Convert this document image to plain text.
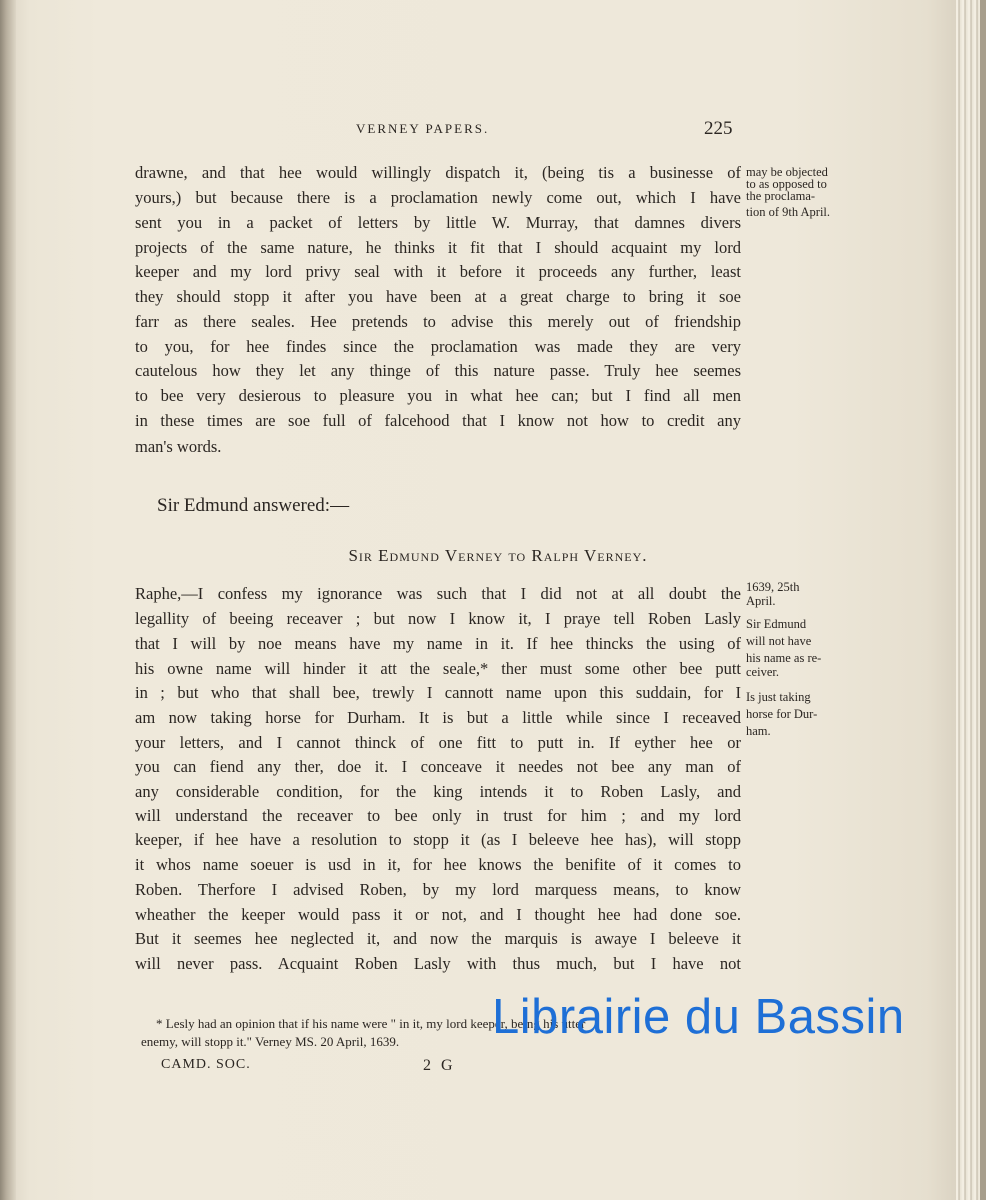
VERNEY PAPERS.	225
drawne, and that hee would willingly dispatch it, (being tis a businesse of
yours,) but because there is a proclamation newly come out, which I have
sent you in a packet of letters by little W. Murray, that damnes divers
projects of the same nature, he thinks it fit that I should acquaint my lord
keeper and my lord privy seal with it before it proceeds any further, least
they should stopp it after you have been at a great charge to bring it soe
farr as there seales. Hee pretends to advise this merely out of friendship
to you, for hee findes since the proclamation was made they are very
cautelous how they let any thinge of this nature passe. Truly hee seemes
to bee very desierous to pleasure you in what hee can; but I find all men
in these times are soe full of falcehood that I know not how to credit any
man's words.
may be objected
to as opposed to
the proclama-
tion of 9th April.
Sir Edmund answered:—
Sir Edmund Verney to Ralph Verney.
Raphe,—I confess my ignorance was such that I did not at all doubt the
legallity of beeing receaver ; but now I know it, I praye tell Roben Lasly
that I will by noe means have my name in it. If hee thincks the using of
his owne name will hinder it att the seale,* ther must some other bee putt
in ; but who that shall bee, trewly I cannott name upon this suddain, for I
am now taking horse for Durham. It is but a little while since I receaved
your letters, and I cannot thinck of one fitt to putt in. If eyther hee or
you can fiend any ther, doe it. I conceave it needes not bee any man of
any considerable condition, for the king intends it to Roben Lasly, and
will understand the receaver to bee only in trust for him ; and my lord
keeper, if hee have a resolution to stopp it (as I beleeve hee has), will stopp
it whos name soeuer is usd in it, for hee knows the benifite of it comes to
Roben. Therfore I advised Roben, by my lord marquess means, to know
wheather the keeper would pass it or not, and I thought hee had done soe.
But it seemes hee neglected it, and now the marquis is awaye I beleeve it
will never pass. Acquaint Roben Lasly with thus much, but I have not
1639, 25th
April.
Sir Edmund
will not have
his name as re-
ceiver.
Is just taking
horse for Dur-
ham.
* Lesly had an opinion that if his name were " in it, my lord keeper, being his utter
enemy, will stopp it." Verney MS. 20 April, 1639.
CAMD. SOC.	2 G
Librairie du Bassin
